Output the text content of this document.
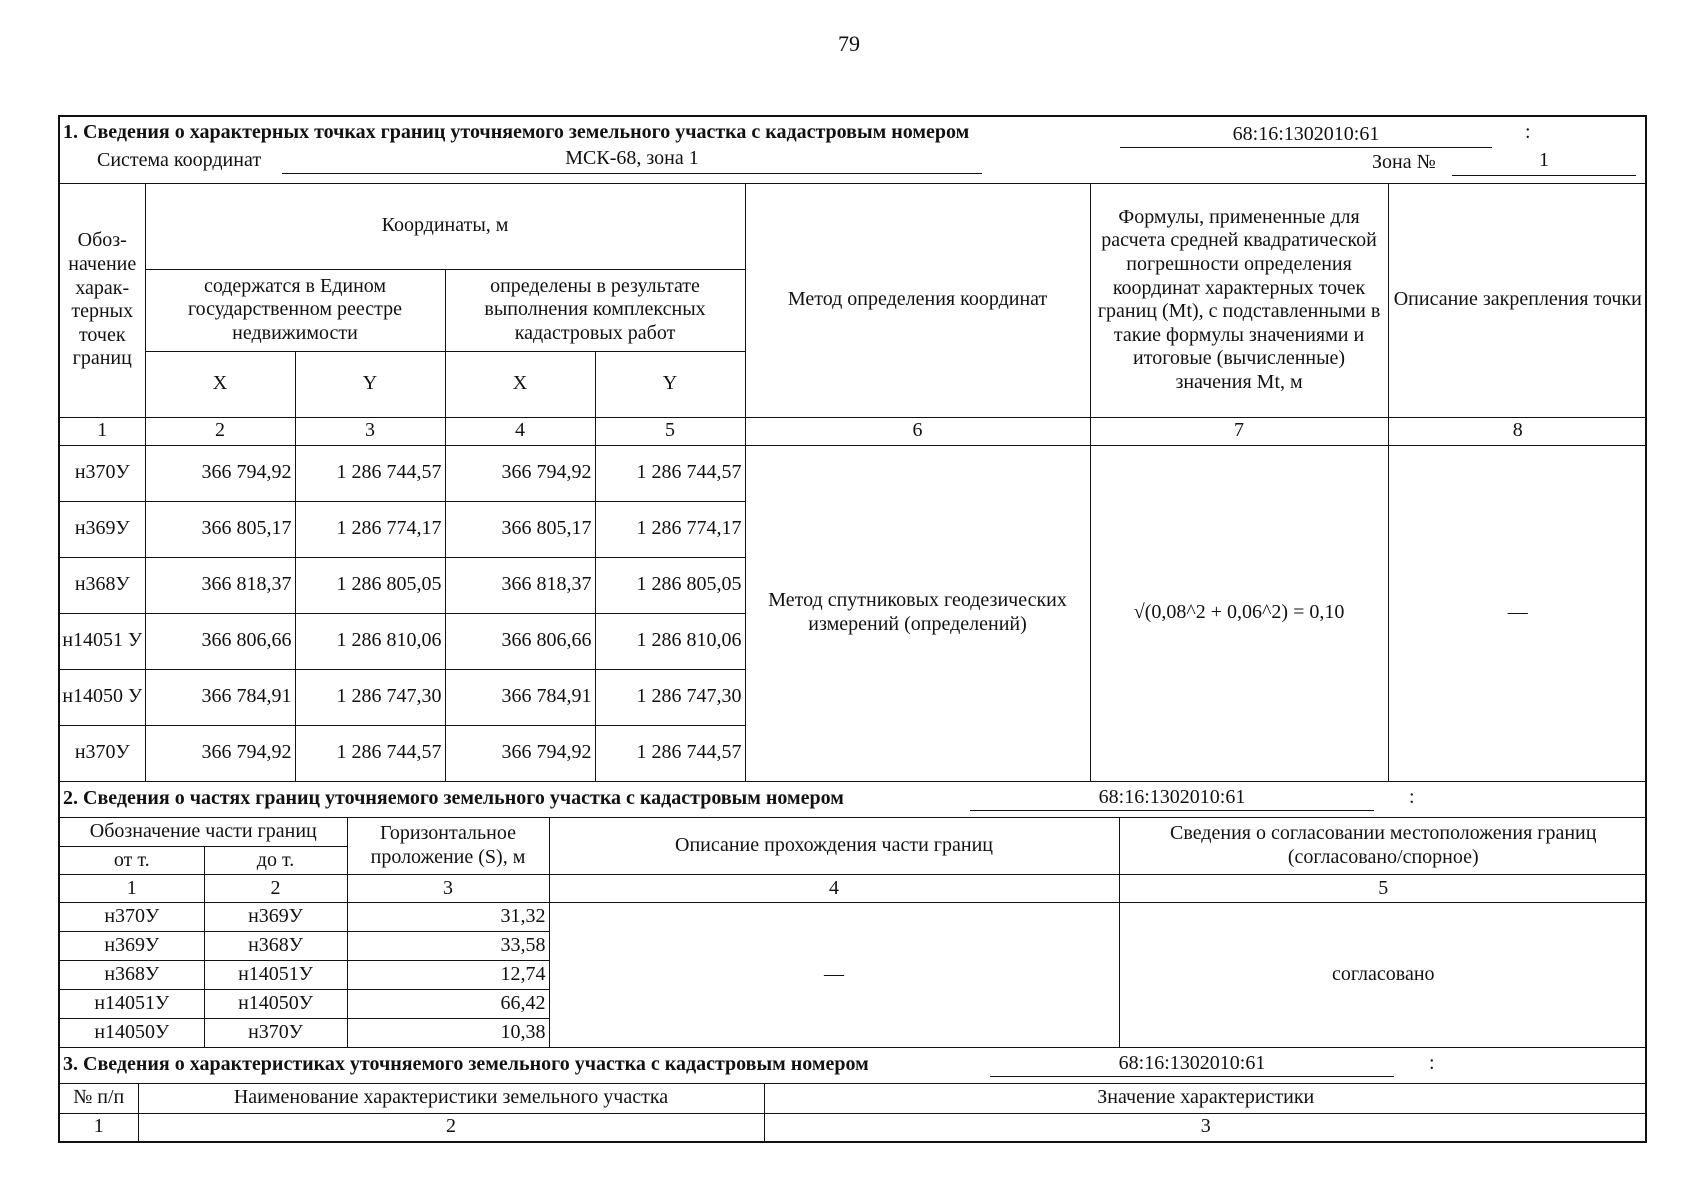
79
1. Сведения о характерных точках границ уточняемого земельного участка с кадастровым номером	68:16:1302010:61	:
Система координат	МСК-68, зона 1	Зона №	1
Обоз-начение харак-терных точек границ	Координаты, м				Метод определения координат	Формулы, примененные для расчета средней квадратической погрешности определения координат характерных точек границ (Mt), с подставленными в такие формулы значениями и итоговые (вычисленные) значения Mt, м	Описание закрепления точки
	содержатся в Едином государственном реестре недвижимости		определены в результате выполнения комплексных кадастровых работ				
	X	Y	X	Y			
1	2	3	4	5	6	7	8
н370У	366 794,92	1 286 744,57	366 794,92	1 286 744,57	Метод спутниковых геодезических измерений (определений)	√(0,08^2 + 0,06^2) = 0,10	—
н369У	366 805,17	1 286 774,17	366 805,17	1 286 774,17			
н368У	366 818,37	1 286 805,05	366 818,37	1 286 805,05			
н14051 У	366 806,66	1 286 810,06	366 806,66	1 286 810,06			
н14050 У	366 784,91	1 286 747,30	366 784,91	1 286 747,30			
н370У	366 794,92	1 286 744,57	366 794,92	1 286 744,57			
2. Сведения о частях границ уточняемого земельного участка с кадастровым номером	68:16:1302010:61	:
Обозначение части границ		Горизонтальное проложение (S), м	Описание прохождения части границ	Сведения о согласовании местоположения границ (согласовано/спорное)
от т.	до т.			
1	2	3	4	5
н370У	н369У	31,32	—	согласовано
н369У	н368У	33,58		
н368У	н14051У	12,74		
н14051У	н14050У	66,42		
н14050У	н370У	10,38		
3. Сведения о характеристиках уточняемого земельного участка с кадастровым номером	68:16:1302010:61	:
№ п/п	Наименование характеристики земельного участка	Значение характеристики
1	2	3
